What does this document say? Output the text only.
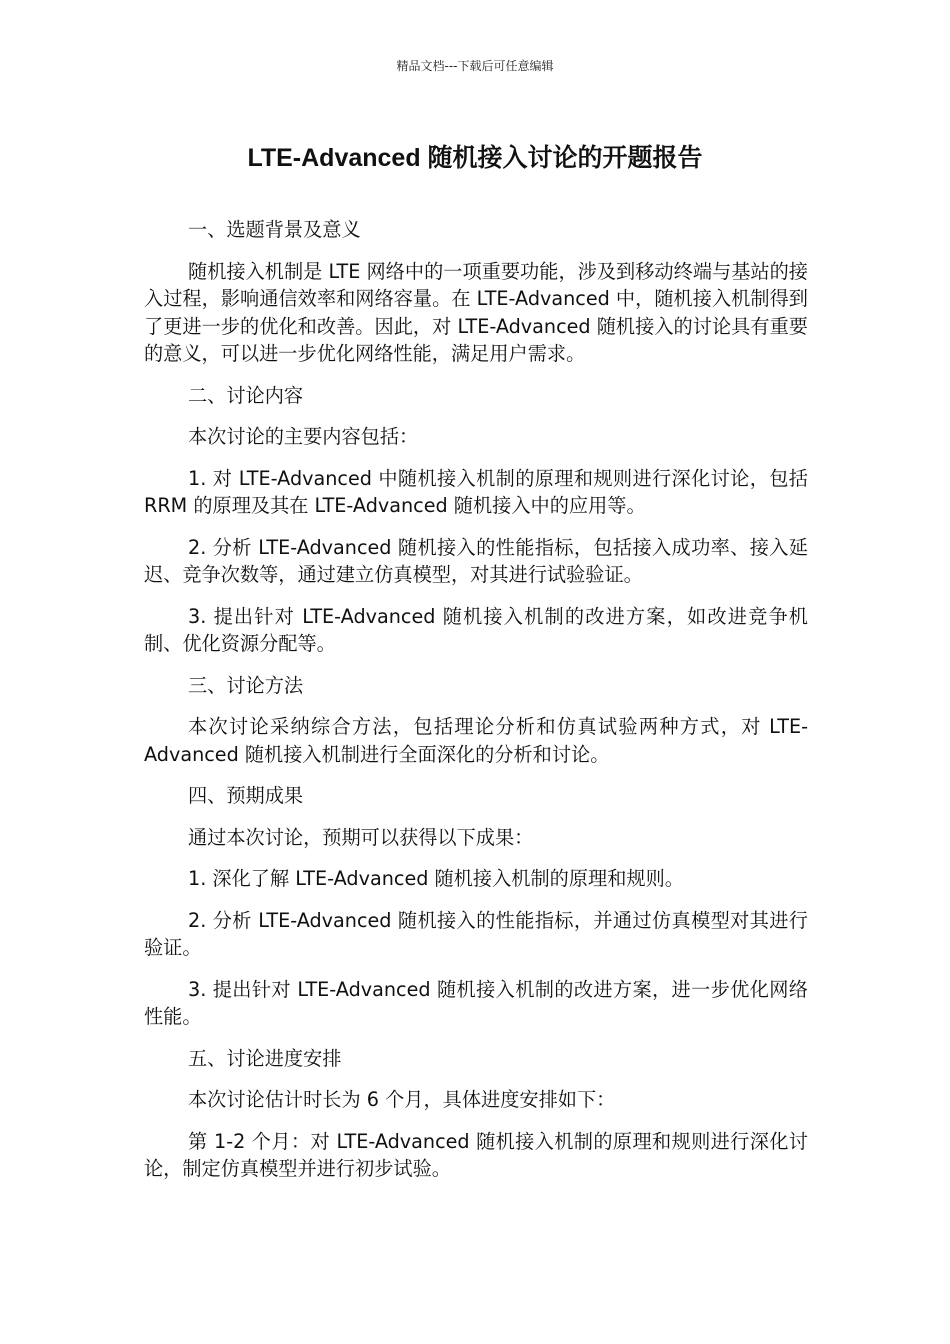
精品文档---下载后可任意编辑
LTE-Advanced 随机接入讨论的开题报告

一、选题背景及意义

随机接入机制是 LTE 网络中的一项重要功能，涉及到移动终端与基站的接入过程，影响通信效率和网络容量。在 LTE-Advanced 中，随机接入机制得到了更进一步的优化和改善。因此，对 LTE-Advanced 随机接入的讨论具有重要的意义，可以进一步优化网络性能，满足用户需求。

二、讨论内容

本次讨论的主要内容包括：

1. 对 LTE-Advanced 中随机接入机制的原理和规则进行深化讨论，包括 RRM 的原理及其在 LTE-Advanced 随机接入中的应用等。

2. 分析 LTE-Advanced 随机接入的性能指标，包括接入成功率、接入延迟、竞争次数等，通过建立仿真模型，对其进行试验验证。

3. 提出针对 LTE-Advanced 随机接入机制的改进方案，如改进竞争机制、优化资源分配等。

三、讨论方法

本次讨论采纳综合方法，包括理论分析和仿真试验两种方式，对 LTE-Advanced 随机接入机制进行全面深化的分析和讨论。

四、预期成果

通过本次讨论，预期可以获得以下成果：

1. 深化了解 LTE-Advanced 随机接入机制的原理和规则。

2. 分析 LTE-Advanced 随机接入的性能指标，并通过仿真模型对其进行验证。

3. 提出针对 LTE-Advanced 随机接入机制的改进方案，进一步优化网络性能。

五、讨论进度安排

本次讨论估计时长为 6 个月，具体进度安排如下：

第 1-2 个月：对 LTE-Advanced 随机接入机制的原理和规则进行深化讨论，制定仿真模型并进行初步试验。
